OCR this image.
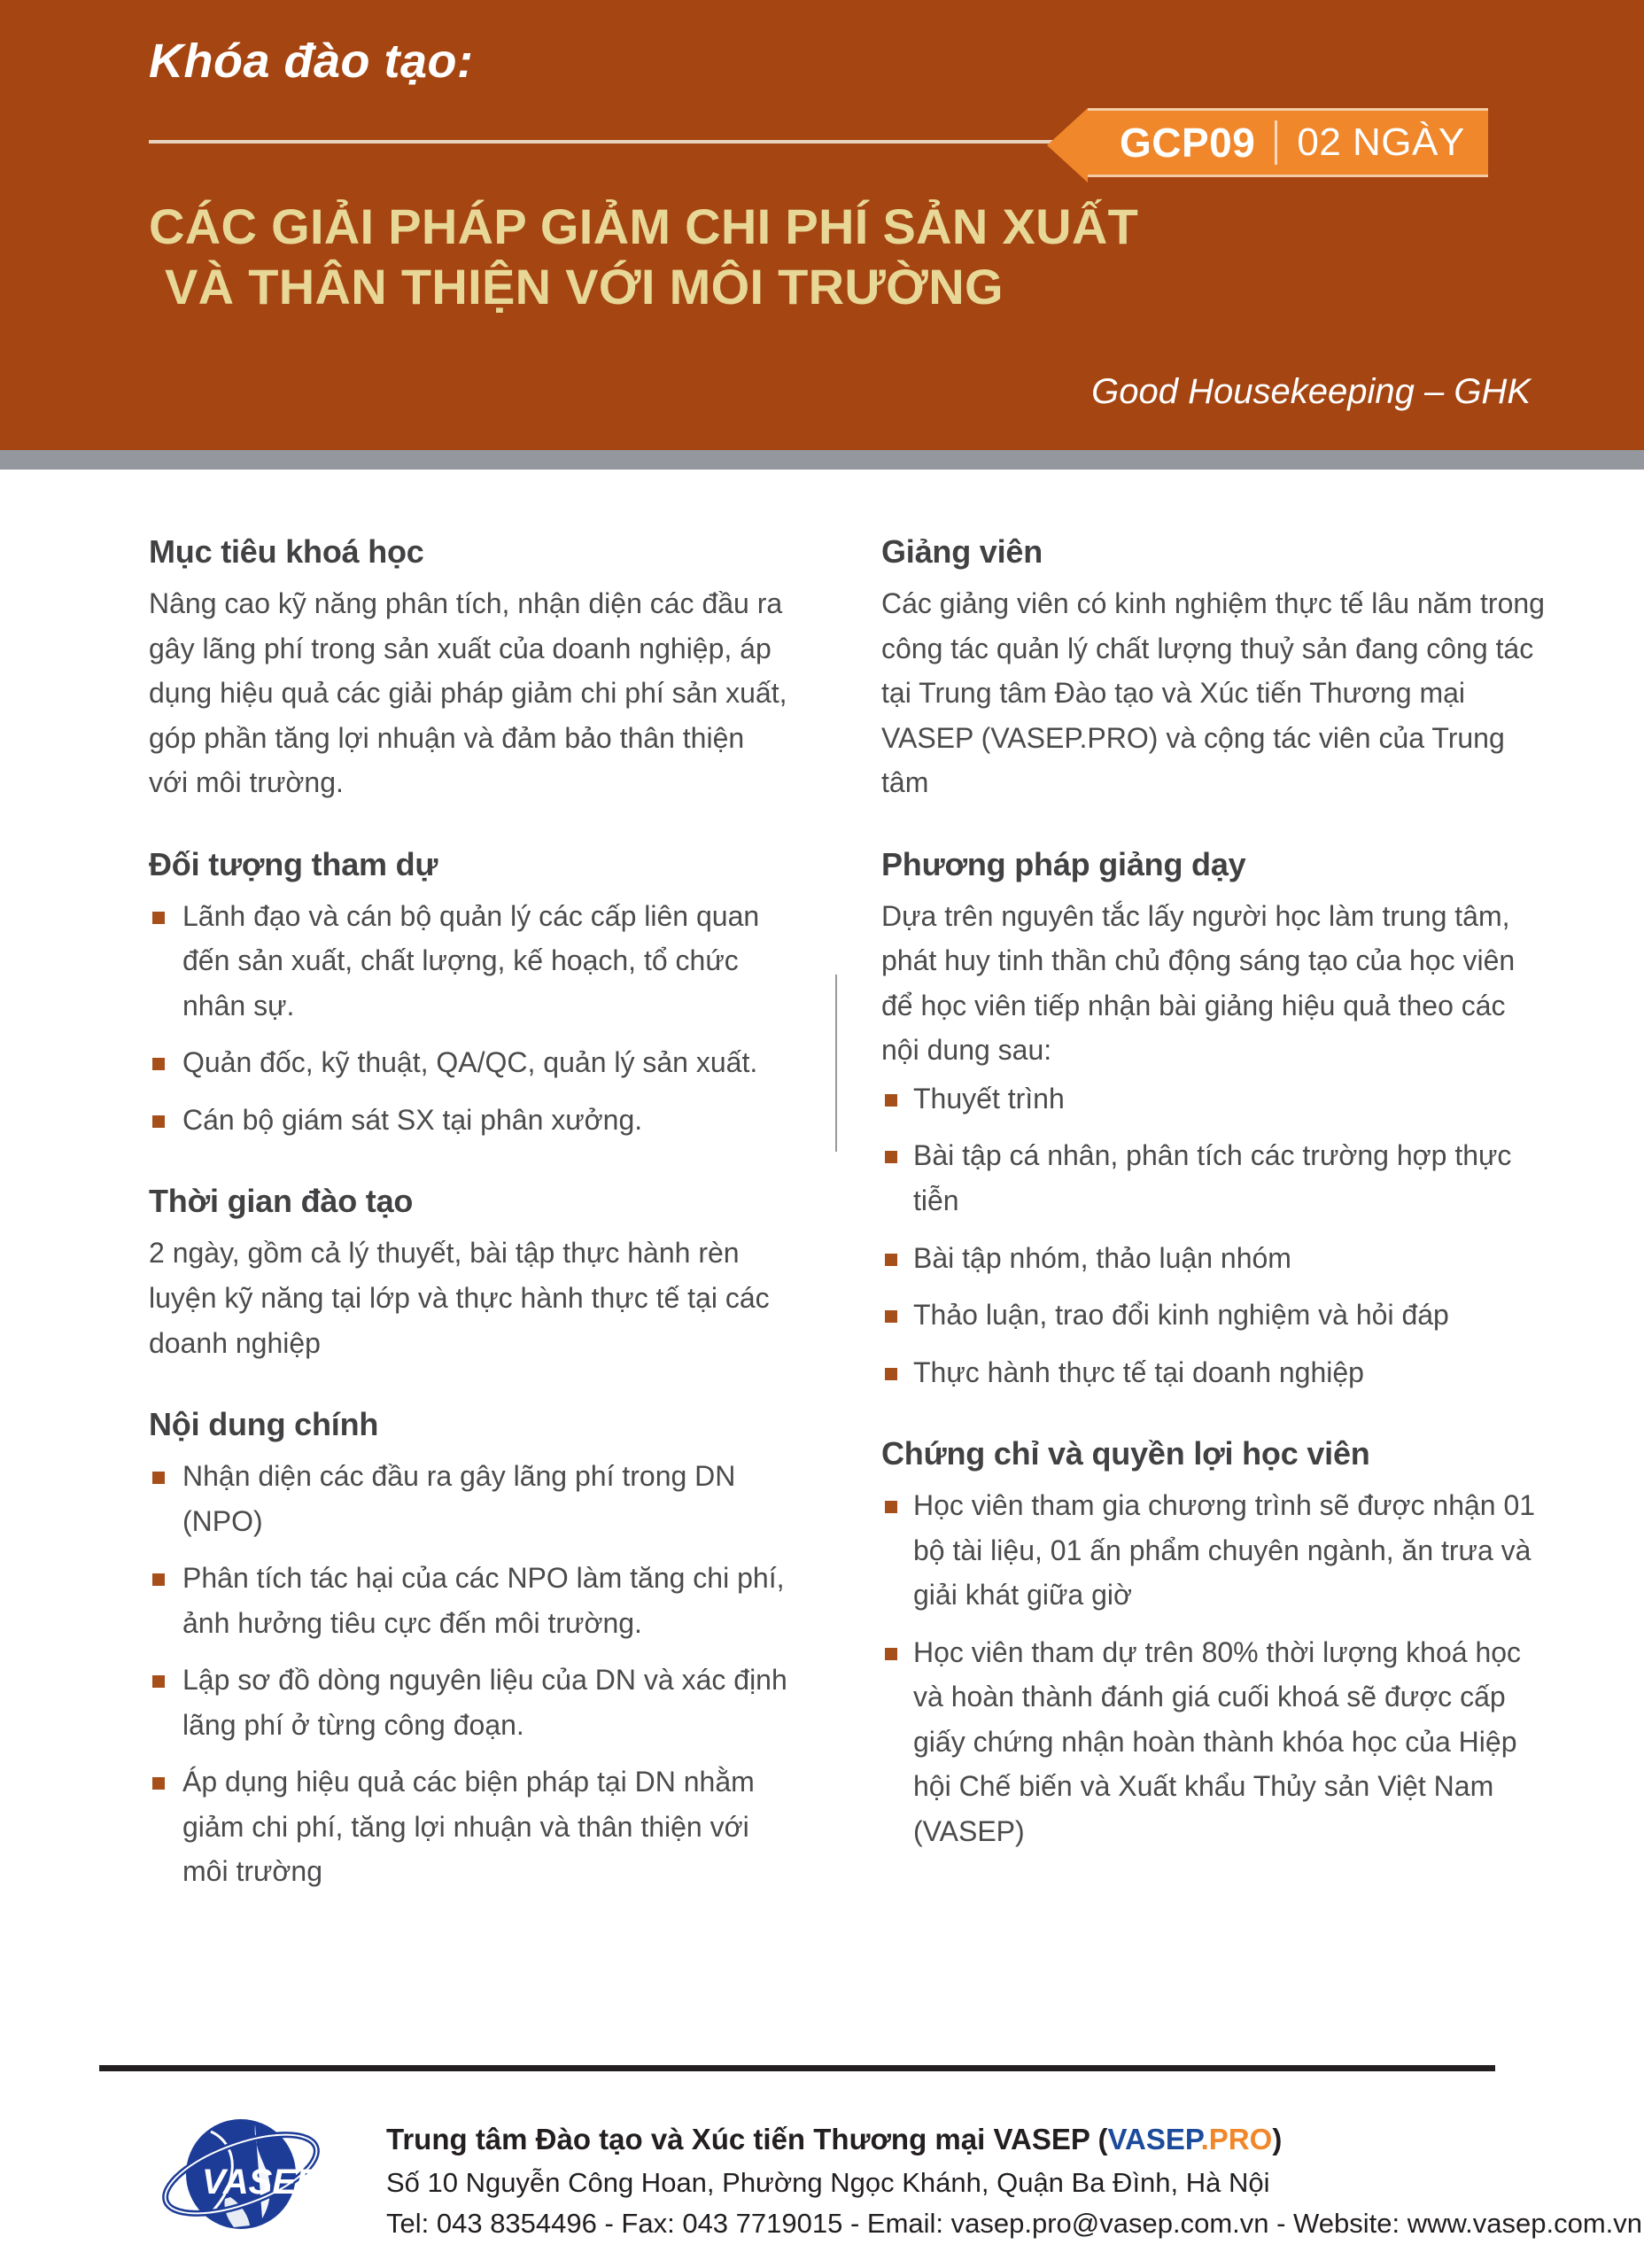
Khóa đào tạo:
GCP09 02 NGÀY
CÁC GIẢI PHÁP GIẢM CHI PHÍ SẢN XUẤT
VÀ THÂN THIỆN VỚI MÔI TRƯỜNG
Good Housekeeping – GHK
Mục tiêu khoá học

Nâng cao kỹ năng phân tích, nhận diện các đầu ra gây lãng phí trong sản xuất của doanh nghiệp, áp dụng hiệu quả các giải pháp giảm chi phí sản xuất, góp phần tăng lợi nhuận và đảm bảo thân thiện với môi trường.

Đối tượng tham dự
Lãnh đạo và cán bộ quản lý các cấp liên quan đến sản xuất, chất lượng, kế hoạch, tổ chức nhân sự.
Quản đốc, kỹ thuật, QA/QC, quản lý sản xuất.
Cán bộ giám sát SX tại phân xưởng.
Thời gian đào tạo

2 ngày, gồm cả lý thuyết, bài tập thực hành rèn luyện kỹ năng tại lớp và thực hành thực tế tại các doanh nghiệp

Nội dung chính
Nhận diện các đầu ra gây lãng phí trong DN (NPO)
Phân tích tác hại của các NPO làm tăng chi phí, ảnh hưởng tiêu cực đến môi trường.
Lập sơ đồ dòng nguyên liệu của DN và xác định lãng phí ở từng công đoạn.
Áp dụng hiệu quả các biện pháp tại DN nhằm giảm chi phí, tăng lợi nhuận và thân thiện với môi trường
Giảng viên

Các giảng viên có kinh nghiệm thực tế lâu năm trong công tác quản lý chất lượng thuỷ sản đang công tác tại Trung tâm Đào tạo và Xúc tiến Thương mại VASEP (VASEP.PRO) và cộng tác viên của Trung tâm

Phương pháp giảng dạy

Dựa trên nguyên tắc lấy người học làm trung tâm, phát huy tinh thần chủ động sáng tạo của học viên để học viên tiếp nhận bài giảng hiệu quả theo các nội dung sau:

Thuyết trình
Bài tập cá nhân, phân tích các trường hợp thực tiễn
Bài tập nhóm, thảo luận nhóm
Thảo luận, trao đổi kinh nghiệm và hỏi đáp
Thực hành thực tế tại doanh nghiệp
Chứng chỉ và quyền lợi học viên
Học viên tham gia chương trình sẽ được nhận 01 bộ tài liệu, 01 ấn phẩm chuyên ngành, ăn trưa và giải khát giữa giờ
Học viên tham dự trên 80% thời lượng khoá học và hoàn thành đánh giá cuối khoá sẽ được cấp giấy chứng nhận hoàn thành khóa học của Hiệp hội Chế biến và Xuất khẩu Thủy sản Việt Nam (VASEP)
VASEP
Trung tâm Đào tạo và Xúc tiến Thương mại VASEP (VASEP.PRO)
Số 10 Nguyễn Công Hoan, Phường Ngọc Khánh, Quận Ba Đình, Hà Nội
Tel: 043 8354496 - Fax: 043 7719015 - Email: vasep.pro@vasep.com.vn - Website: www.vasep.com.vn
